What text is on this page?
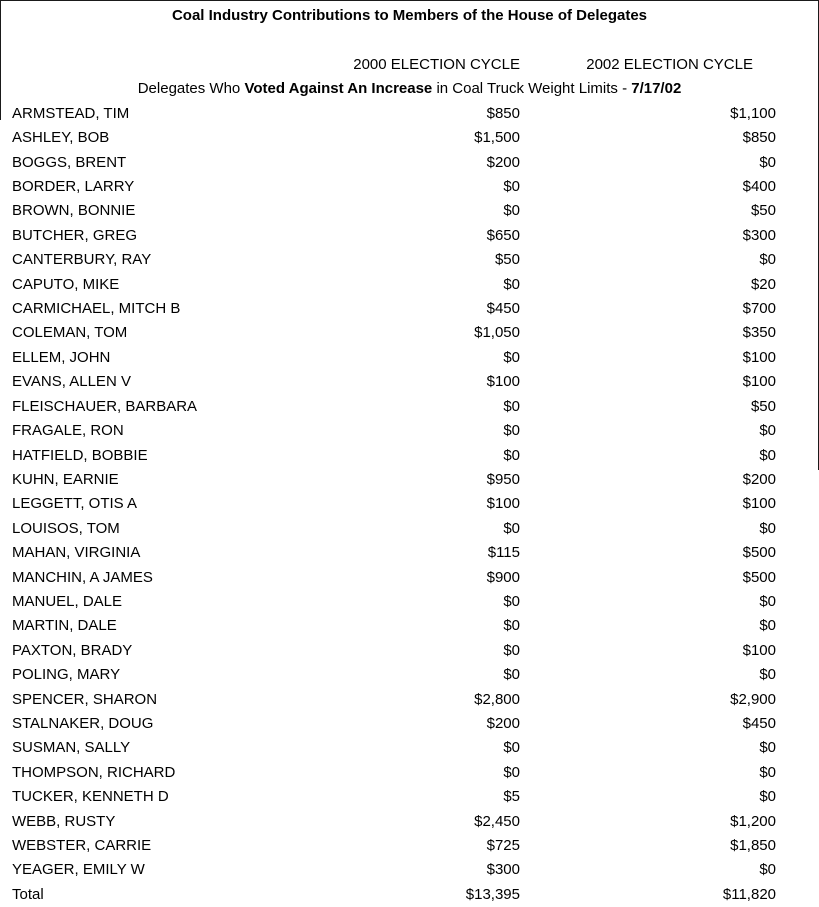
Coal Industry Contributions to Members of the House of Delegates
2000 ELECTION CYCLE	2002 ELECTION CYCLE
Delegates Who Voted Against An Increase in Coal Truck Weight Limits - 7/17/02
ARMSTEAD, TIM	$850	$1,100
ASHLEY, BOB	$1,500	$850
BOGGS, BRENT	$200	$0
BORDER, LARRY	$0	$400
BROWN, BONNIE	$0	$50
BUTCHER, GREG	$650	$300
CANTERBURY, RAY	$50	$0
CAPUTO, MIKE	$0	$20
CARMICHAEL, MITCH B	$450	$700
COLEMAN, TOM	$1,050	$350
ELLEM, JOHN	$0	$100
EVANS, ALLEN V	$100	$100
FLEISCHAUER, BARBARA	$0	$50
FRAGALE, RON	$0	$0
HATFIELD, BOBBIE	$0	$0
KUHN, EARNIE	$950	$200
LEGGETT, OTIS A	$100	$100
LOUISOS, TOM	$0	$0
MAHAN, VIRGINIA	$115	$500
MANCHIN, A JAMES	$900	$500
MANUEL, DALE	$0	$0
MARTIN, DALE	$0	$0
PAXTON, BRADY	$0	$100
POLING, MARY	$0	$0
SPENCER, SHARON	$2,800	$2,900
STALNAKER, DOUG	$200	$450
SUSMAN, SALLY	$0	$0
THOMPSON, RICHARD	$0	$0
TUCKER, KENNETH D	$5	$0
WEBB, RUSTY	$2,450	$1,200
WEBSTER, CARRIE	$725	$1,850
YEAGER, EMILY W	$300	$0
Total	$13,395	$11,820
